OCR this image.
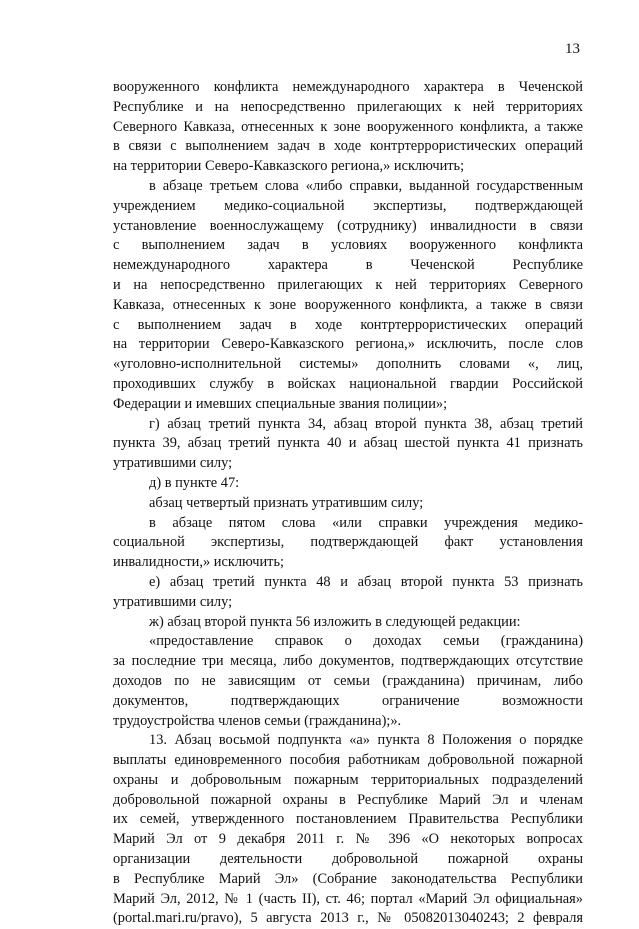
13
вооруженного конфликта немеждународного характера в Чеченской
Республике и на непосредственно прилегающих к ней территориях
Северного Кавказа, отнесенных к зоне вооруженного конфликта, а также
в связи с выполнением задач в ходе контртеррористических операций
на территории Северо-Кавказского региона,» исключить;
в абзаце третьем слова «либо справки, выданной государственным
учреждением медико-социальной экспертизы, подтверждающей
установление военнослужащему (сотруднику) инвалидности в связи
с выполнением задач в условиях вооруженного конфликта
немеждународного характера в Чеченской Республике
и на непосредственно прилегающих к ней территориях Северного
Кавказа, отнесенных к зоне вооруженного конфликта, а также в связи
с выполнением задач в ходе контртеррористических операций
на территории Северо-Кавказского региона,» исключить, после слов
«уголовно-исполнительной системы» дополнить словами «, лиц,
проходивших службу в войсках национальной гвардии Российской
Федерации и имевших специальные звания полиции»;
г) абзац третий пункта 34, абзац второй пункта 38, абзац третий
пункта 39, абзац третий пункта 40 и абзац шестой пункта 41 признать
утратившими силу;
д) в пункте 47:
абзац четвертый признать утратившим силу;
в абзаце пятом слова «или справки учреждения медико-
социальной экспертизы, подтверждающей факт установления
инвалидности,» исключить;
е) абзац третий пункта 48 и абзац второй пункта 53 признать
утратившими силу;
ж) абзац второй пункта 56 изложить в следующей редакции:
«предоставление справок о доходах семьи (гражданина)
за последние три месяца, либо документов, подтверждающих отсутствие
доходов по не зависящим от семьи (гражданина) причинам, либо
документов, подтверждающих ограничение возможности
трудоустройства членов семьи (гражданина);».
13. Абзац восьмой подпункта «а» пункта 8 Положения о порядке
выплаты единовременного пособия работникам добровольной пожарной
охраны и добровольным пожарным территориальных подразделений
добровольной пожарной охраны в Республике Марий Эл и членам
их семей, утвержденного постановлением Правительства Республики
Марий Эл от 9 декабря 2011 г. № 396 «О некоторых вопросах
организации деятельности добровольной пожарной охраны
в Республике Марий Эл» (Собрание законодательства Республики
Марий Эл, 2012, № 1 (часть II), ст. 46; портал «Марий Эл официальная»
(portal.mari.ru/pravo), 5 августа 2013 г., № 05082013040243; 2 февраля
